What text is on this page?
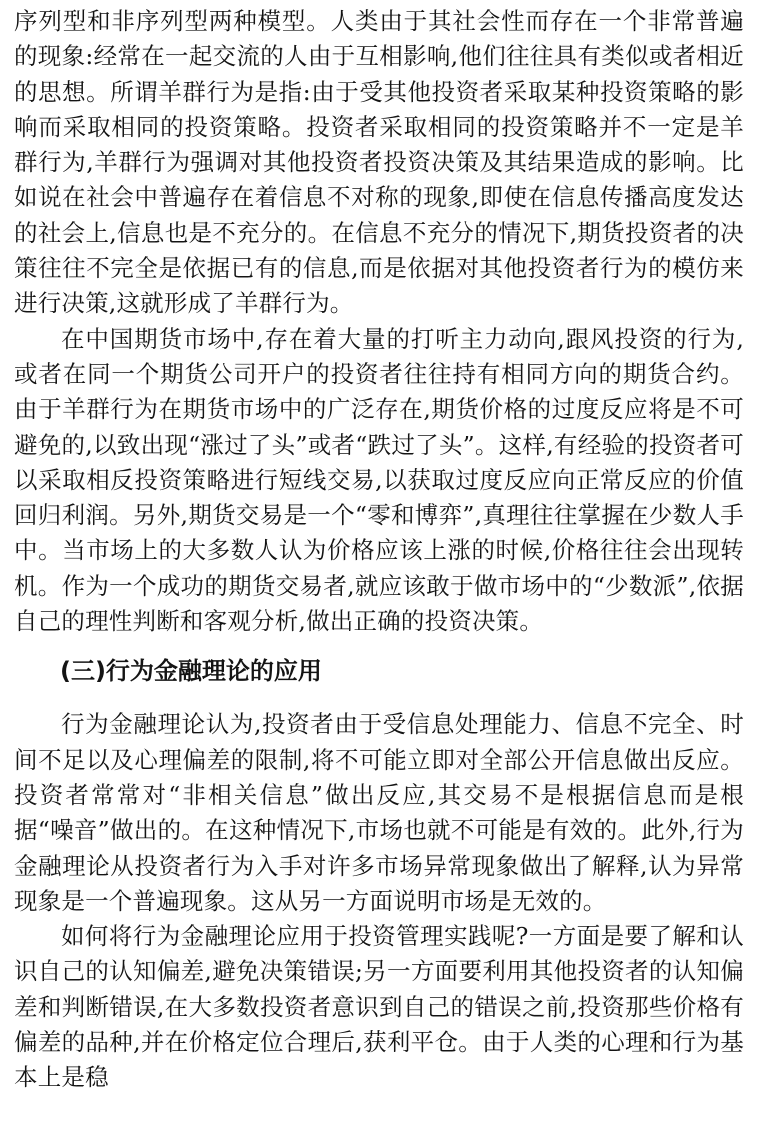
序列型和非序列型两种模型。人类由于其社会性而存在一个非常普遍的现象:经常在一起交流的人由于互相影响,他们往往具有类似或者相近的思想。所谓羊群行为是指:由于受其他投资者采取某种投资策略的影响而采取相同的投资策略。投资者采取相同的投资策略并不一定是羊群行为,羊群行为强调对其他投资者投资决策及其结果造成的影响。比如说在社会中普遍存在着信息不对称的现象,即使在信息传播高度发达的社会上,信息也是不充分的。在信息不充分的情况下,期货投资者的决策往往不完全是依据已有的信息,而是依据对其他投资者行为的模仿来进行决策,这就形成了羊群行为。

在中国期货市场中,存在着大量的打听主力动向,跟风投资的行为,或者在同一个期货公司开户的投资者往往持有相同方向的期货合约。由于羊群行为在期货市场中的广泛存在,期货价格的过度反应将是不可避免的,以致出现“涨过了头”或者“跌过了头”。这样,有经验的投资者可以采取相反投资策略进行短线交易,以获取过度反应向正常反应的价值回归利润。另外,期货交易是一个“零和博弈”,真理往往掌握在少数人手中。当市场上的大多数人认为价格应该上涨的时候,价格往往会出现转机。作为一个成功的期货交易者,就应该敢于做市场中的“少数派”,依据自己的理性判断和客观分析,做出正确的投资决策。

(三)行为金融理论的应用

行为金融理论认为,投资者由于受信息处理能力、信息不完全、时间不足以及心理偏差的限制,将不可能立即对全部公开信息做出反应。投资者常常对“非相关信息”做出反应,其交易不是根据信息而是根据“噪音”做出的。在这种情况下,市场也就不可能是有效的。此外,行为金融理论从投资者行为入手对许多市场异常现象做出了解释,认为异常现象是一个普遍现象。这从另一方面说明市场是无效的。

如何将行为金融理论应用于投资管理实践呢?一方面是要了解和认识自己的认知偏差,避免决策错误;另一方面要利用其他投资者的认知偏差和判断错误,在大多数投资者意识到自己的错误之前,投资那些价格有偏差的品种,并在价格定位合理后,获利平仓。由于人类的心理和行为基本上是稳
